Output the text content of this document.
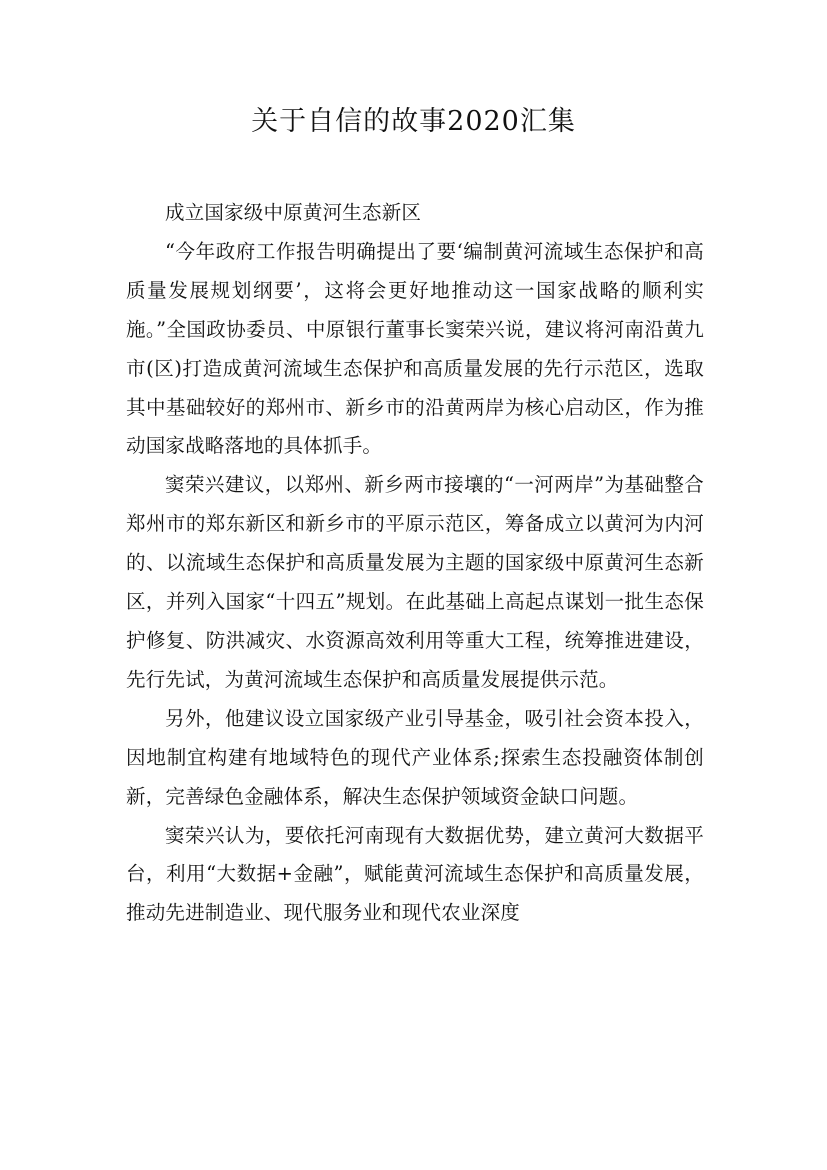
关于自信的故事2020汇集

成立国家级中原黄河生态新区

“今年政府工作报告明确提出了要‘编制黄河流域生态保护和高质量发展规划纲要’，这将会更好地推动这一国家战略的顺利实施。”全国政协委员、中原银行董事长窦荣兴说，建议将河南沿黄九市(区)打造成黄河流域生态保护和高质量发展的先行示范区，选取其中基础较好的郑州市、新乡市的沿黄两岸为核心启动区，作为推动国家战略落地的具体抓手。

窦荣兴建议，以郑州、新乡两市接壤的“一河两岸”为基础整合郑州市的郑东新区和新乡市的平原示范区，筹备成立以黄河为内河的、以流域生态保护和高质量发展为主题的国家级中原黄河生态新区，并列入国家“十四五”规划。在此基础上高起点谋划一批生态保护修复、防洪减灾、水资源高效利用等重大工程，统筹推进建设，先行先试，为黄河流域生态保护和高质量发展提供示范。

另外，他建议设立国家级产业引导基金，吸引社会资本投入，因地制宜构建有地域特色的现代产业体系;探索生态投融资体制创新，完善绿色金融体系，解决生态保护领域资金缺口问题。

窦荣兴认为，要依托河南现有大数据优势，建立黄河大数据平台，利用“大数据+金融”，赋能黄河流域生态保护和高质量发展，推动先进制造业、现代服务业和现代农业深度
